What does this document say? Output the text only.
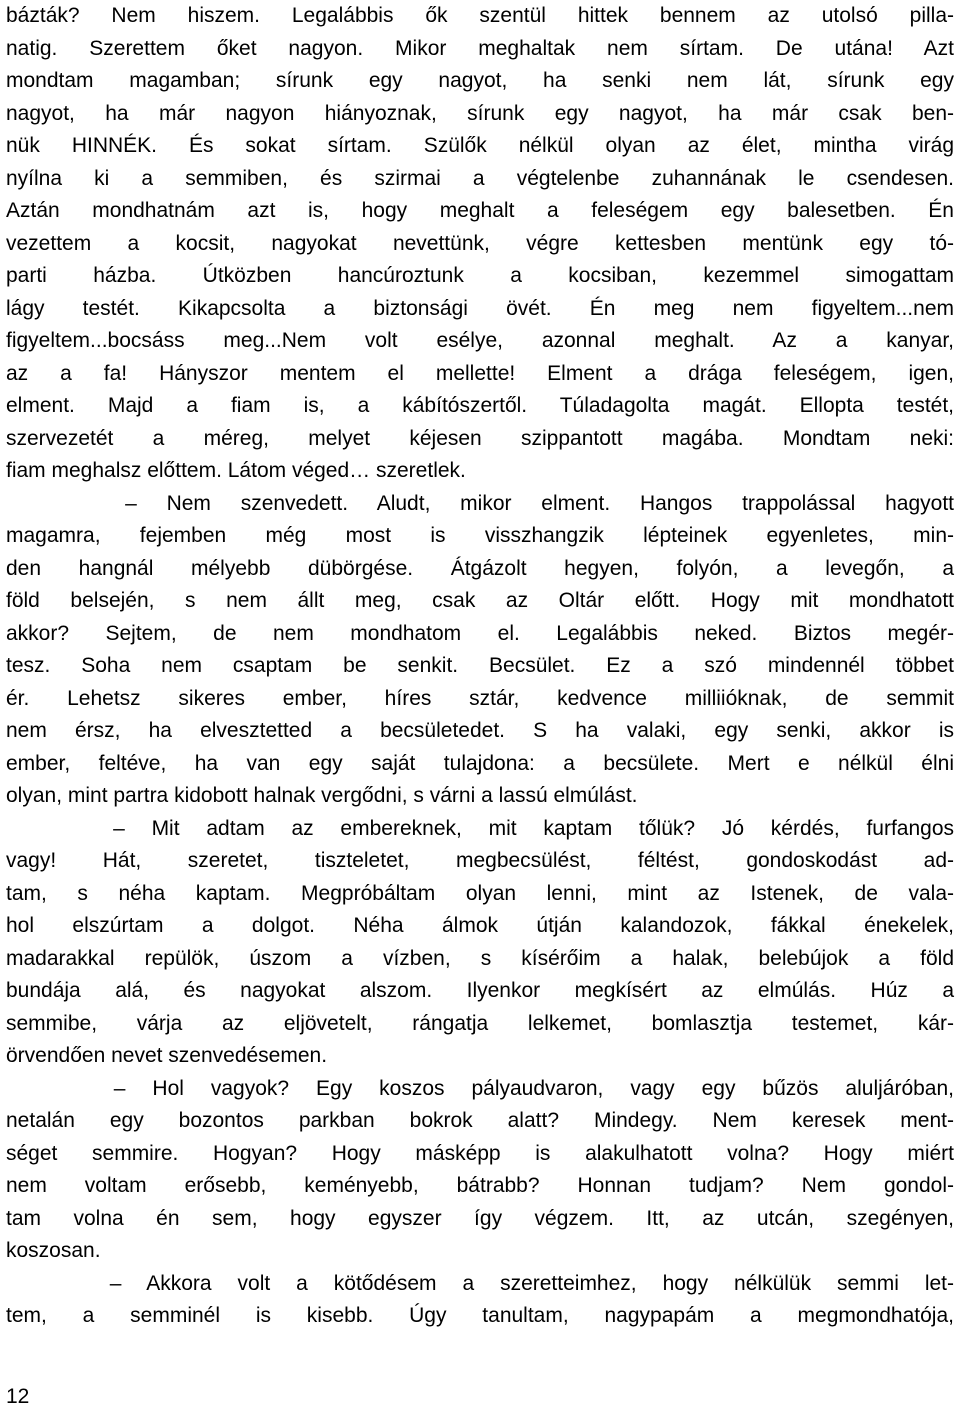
bázták? Nem hiszem. Legalábbis ők szentül hittek bennem az utolsó pilla-
natig. Szerettem őket nagyon. Mikor meghaltak nem sírtam. De utána! Azt
mondtam magamban; sírunk egy nagyot, ha senki nem lát, sírunk egy
nagyot, ha már nagyon hiányoznak, sírunk egy nagyot, ha már csak ben-
nük HINNÉK. És sokat sírtam. Szülők nélkül olyan az élet, mintha virág
nyílna ki a semmiben, és szirmai a végtelenbe zuhannának le csendesen.
Aztán mondhatnám azt is, hogy meghalt a feleségem egy balesetben. Én
vezettem a kocsit, nagyokat nevettünk, végre kettesben mentünk egy tó-
parti házba. Útközben hancúroztunk a kocsiban, kezemmel simogattam
lágy testét. Kikapcsolta a biztonsági övét. Én meg nem figyeltem...nem
figyeltem...bocsáss meg...Nem volt esélye, azonnal meghalt. Az a kanyar,
az a fa! Hányszor mentem el mellette! Elment a drága feleségem, igen,
elment. Majd a fiam is, a kábítószertől. Túladagolta magát. Ellopta testét,
szervezetét a méreg, melyet kéjesen szippantott magába. Mondtam neki:
fiam meghalsz előttem. Látom véged… szeretlek.
– Nem szenvedett. Aludt, mikor elment. Hangos trappolással hagyott
magamra, fejemben még most is visszhangzik lépteinek egyenletes, min-
den hangnál mélyebb dübörgése. Átgázolt hegyen, folyón, a levegőn, a
föld belsején, s nem állt meg, csak az Oltár előtt. Hogy mit mondhatott
akkor? Sejtem, de nem mondhatom el. Legalábbis neked. Biztos megér-
tesz. Soha nem csaptam be senkit. Becsület. Ez a szó mindennél többet
ér. Lehetsz sikeres ember, híres sztár, kedvence milliióknak, de semmit
nem érsz, ha elvesztetted a becsületedet. S ha valaki, egy senki, akkor is
ember, feltéve, ha van egy saját tulajdona: a becsülete. Mert e nélkül élni
olyan, mint partra kidobott halnak vergődni, s várni a lassú elmúlást.
– Mit adtam az embereknek, mit kaptam tőlük? Jó kérdés, furfangos
vagy! Hát, szeretet, tiszteletet, megbecsülést, féltést, gondoskodást ad-
tam, s néha kaptam. Megpróbáltam olyan lenni, mint az Istenek, de vala-
hol elszúrtam a dolgot. Néha álmok útján kalandozok, fákkal énekelek,
madarakkal repülök, úszom a vízben, s kísérőim a halak, belebújok a föld
bundája alá, és nagyokat alszom. Ilyenkor megkísért az elmúlás. Húz a
semmibe, várja az eljövetelt, rángatja lelkemet, bomlasztja testemet, kár-
örvendően nevet szenvedésemen.
– Hol vagyok? Egy koszos pályaudvaron, vagy egy bűzös aluljáróban,
netalán egy bozontos parkban bokrok alatt? Mindegy. Nem keresek ment-
séget semmire. Hogyan? Hogy másképp is alakulhatott volna? Hogy miért
nem voltam erősebb, keményebb, bátrabb? Honnan tudjam? Nem gondol-
tam volna én sem, hogy egyszer így végzem. Itt, az utcán, szegényen,
koszosan.
– Akkora volt a kötődésem a szeretteimhez, hogy nélkülük semmi let-
tem, a semminél is kisebb. Úgy tanultam, nagypapám a megmondhatója,
12
